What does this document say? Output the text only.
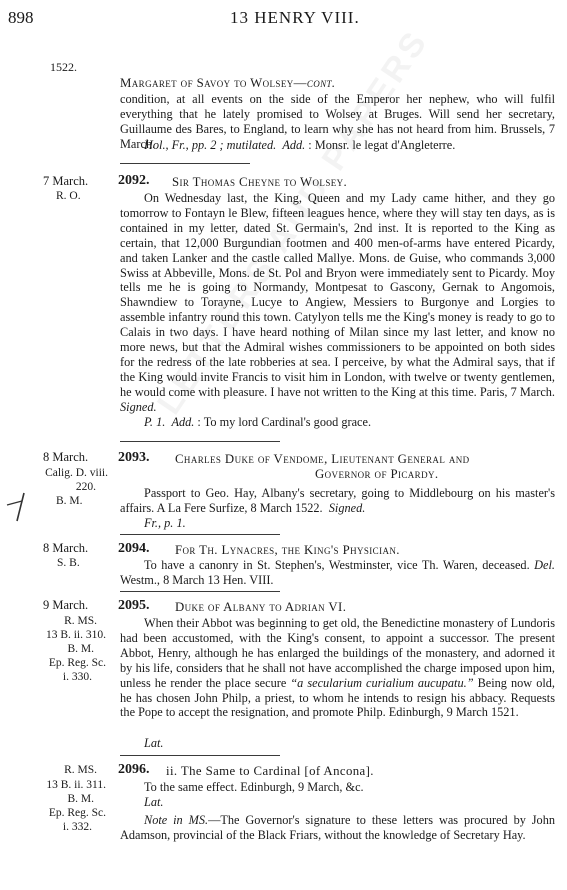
898	13 HENRY VIII.
1522.
Margaret of Savoy to Wolsey—cont.
condition, at all events on the side of the Emperor her nephew, who will fulfil everything that he lately promised to Wolsey at Bruges. Will send her secretary, Guillaume des Bares, to England, to learn why she has not heard from him. Brussels, 7 March.
Hol., Fr., pp. 2 ; mutilated. Add. : Monsr. le legat d'Angleterre.
7 March.
R. O.
2092. Sir Thomas Cheyne to Wolsey.
On Wednesday last, the King, Queen and my Lady came hither, and they go tomorrow to Fontayn le Blew, fifteen leagues hence, where they will stay ten days, as is contained in my letter, dated St. Germain's, 2nd inst. It is reported to the King as certain, that 12,000 Burgundian footmen and 400 men-of-arms have entered Picardy, and taken Lanker and the castle called Mallye. Mons. de Guise, who commands 3,000 Swiss at Abbeville, Mons. de St. Pol and Bryon were immediately sent to Picardy. Moy tells me he is going to Normandy, Montpesat to Gascony, Gernak to Angomois, Shawndiew to Torayne, Lucye to Angiew, Messiers to Burgonye and Lorgies to assemble infantry round this town. Catylyon tells me the King's money is ready to go to Calais in two days. I have heard nothing of Milan since my last letter, and know no more news, but that the Admiral wishes commissioners to be appointed on both sides for the redress of the late robberies at sea. I perceive, by what the Admiral says, that if the King would invite Francis to visit him in London, with twelve or twenty gentlemen, he would come with pleasure. I have not written to the King at this time. Paris, 7 March. Signed.
P. 1. Add. : To my lord Cardinal's good grace.
8 March.
Calig. D. viii.
220.
B. M.
2093. Charles Duke of Vendome, Lieutenant General and
Governor of Picardy.
Passport to Geo. Hay, Albany's secretary, going to Middlebourg on his master's affairs. A La Fere Surfize, 8 March 1522. Signed.
Fr., p. 1.
8 March.
S. B.
2094. For Th. Lynacres, the King's Physician.
To have a canonry in St. Stephen's, Westminster, vice Th. Waren, deceased. Del. Westm., 8 March 13 Hen. VIII.
9 March.
R. MS.
13 B. ii. 310.
B. M.
Ep. Reg. Sc.
i. 330.
2095. Duke of Albany to Adrian VI.
When their Abbot was beginning to get old, the Benedictine monastery of Lundoris had been accustomed, with the King's consent, to appoint a successor. The present Abbot, Henry, although he has enlarged the buildings of the monastery, and adorned it by his life, considers that he shall not have accomplished the charge imposed upon him, unless he render the place secure “a secularium curialium aucupatu.” Being now old, he has chosen John Philp, a priest, to whom he intends to resign his abbacy. Requests the Pope to accept the resignation, and promote Philp. Edinburgh, 9 March 1521.
Lat.
R. MS.
13 B. ii. 311.
B. M.
Ep. Reg. Sc.
i. 332.
2096. ii. The Same to Cardinal [of Ancona].
To the same effect. Edinburgh, 9 March, &c.
Lat.
Note in MS.—The Governor's signature to these letters was procured by John Adamson, provincial of the Black Friars, without the knowledge of Secretary Hay.
